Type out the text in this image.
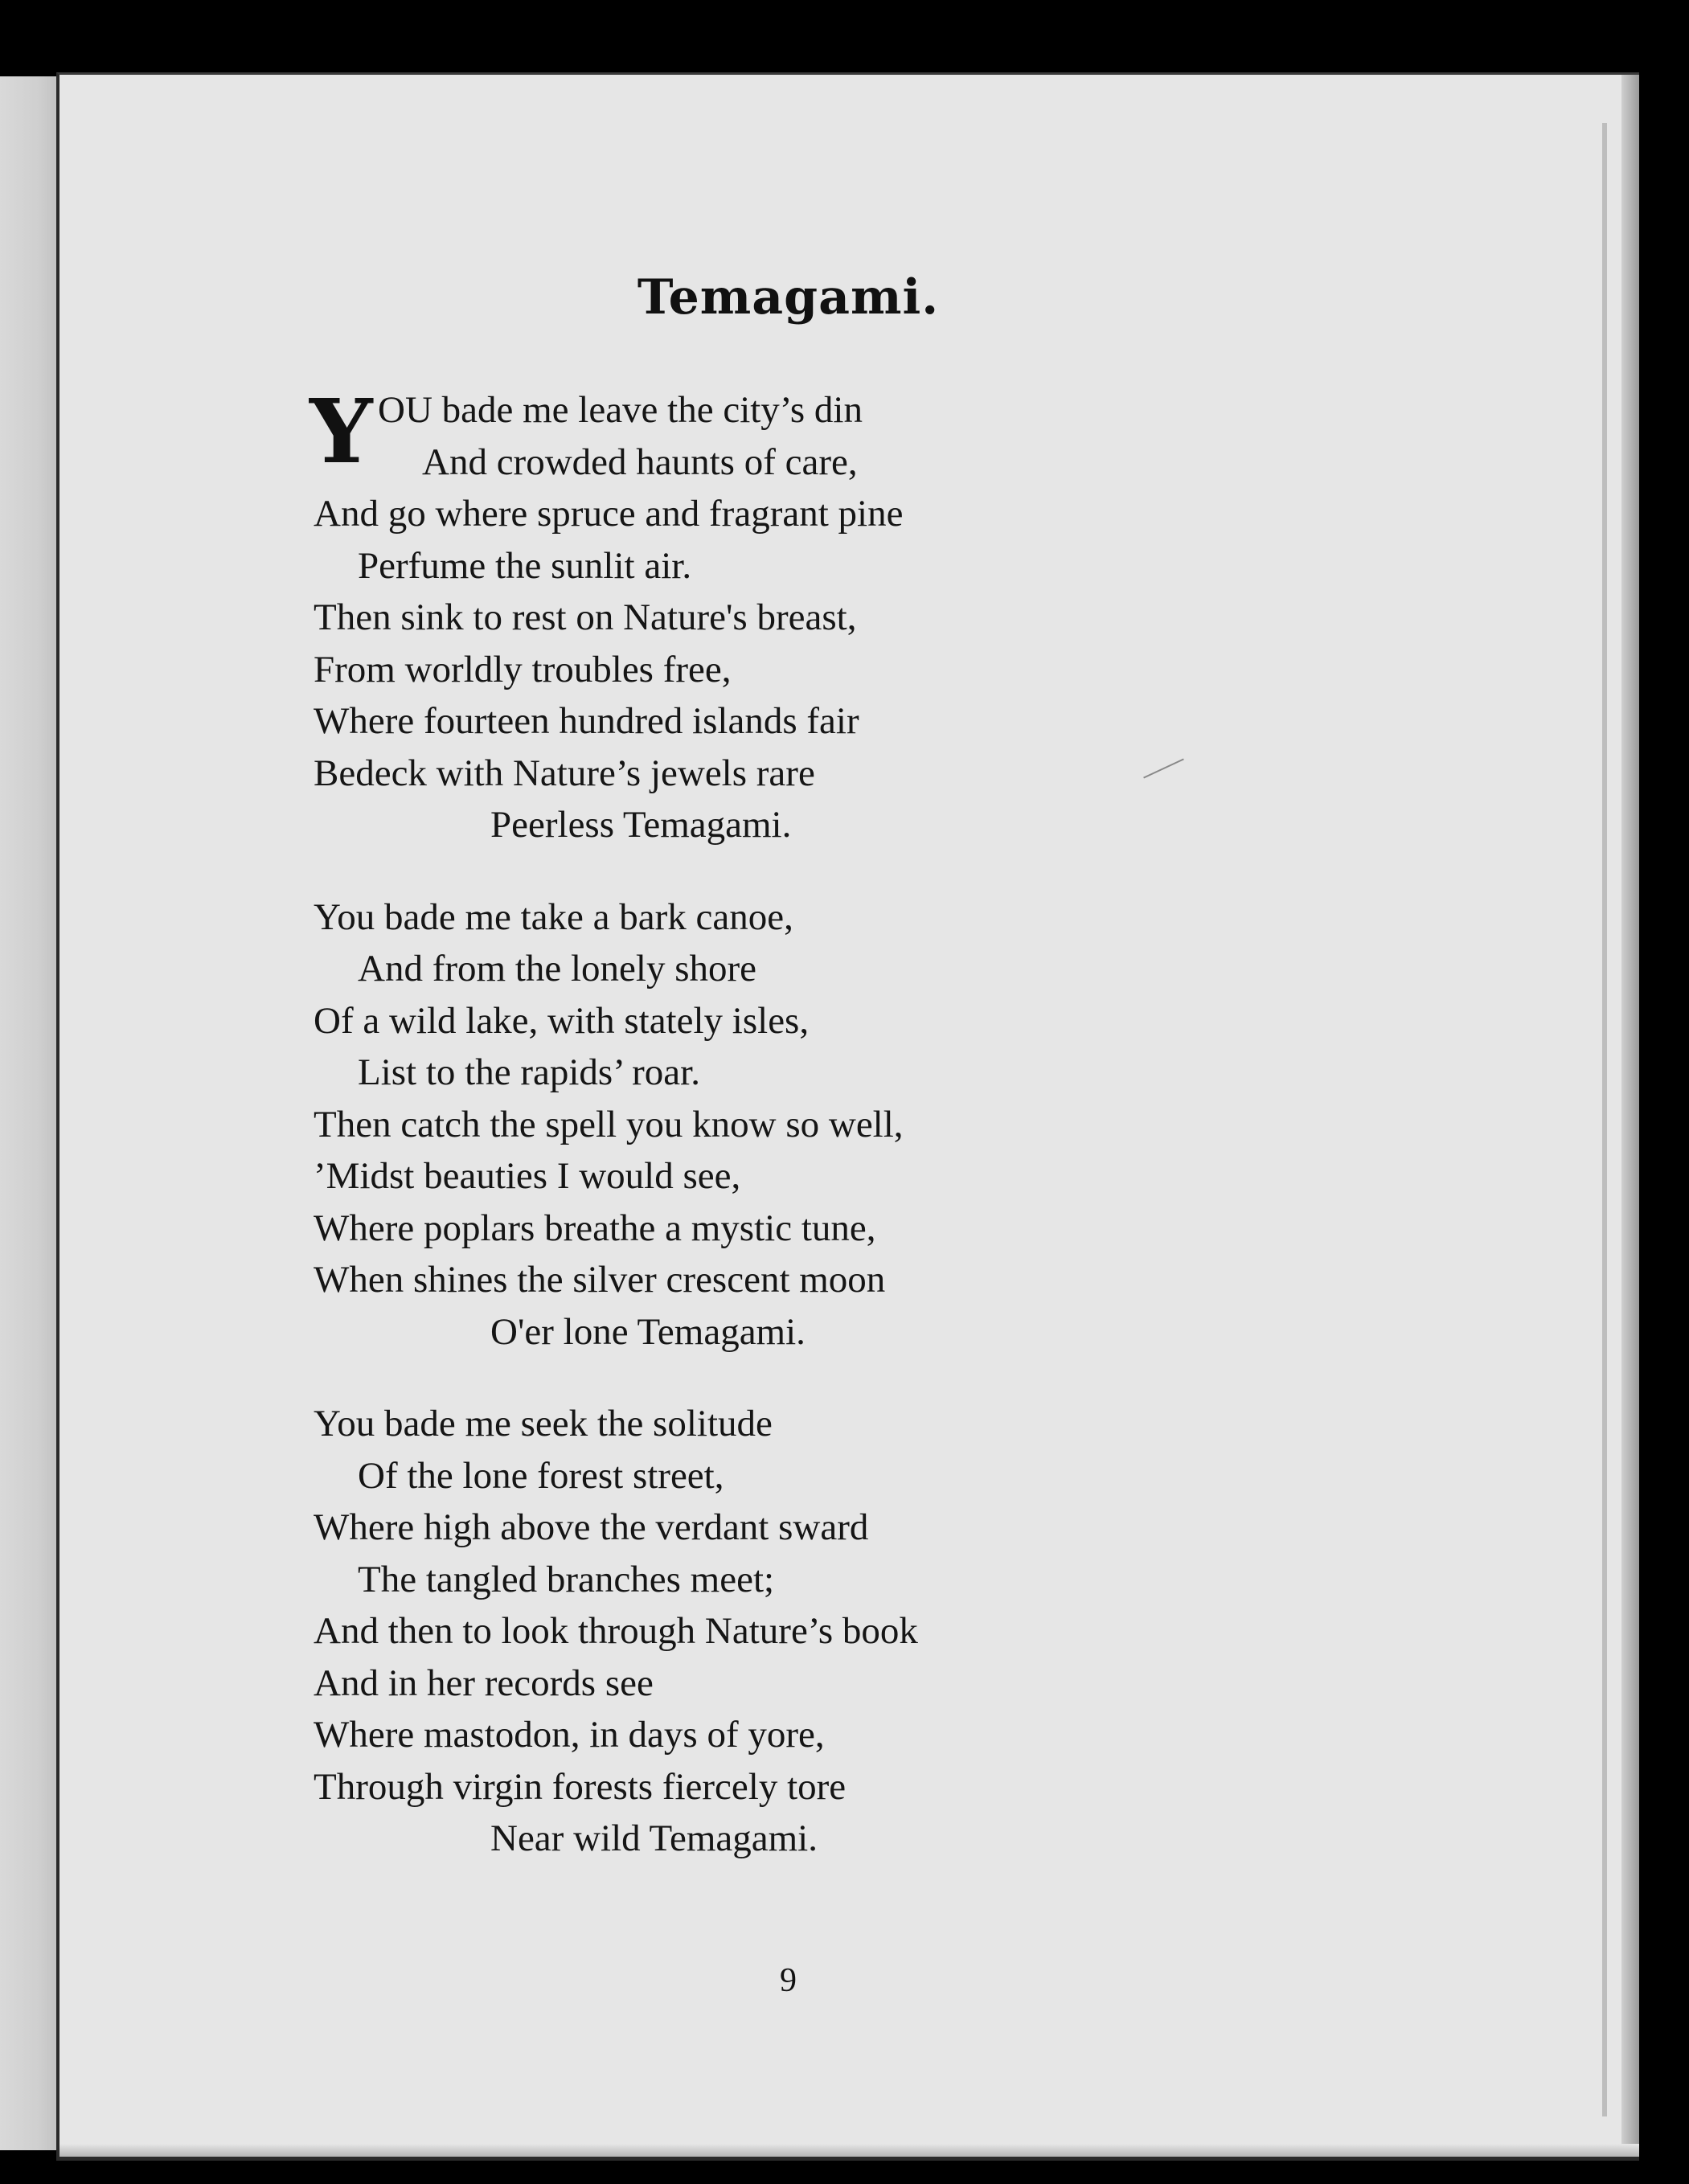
Temagami.
Y OU bade me leave the city’s din
And crowded haunts of care,
And go where spruce and fragrant pine
Perfume the sunlit air.
Then sink to rest on Nature's breast,
From worldly troubles free,
Where fourteen hundred islands fair
Bedeck with Nature’s jewels rare
Peerless Temagami.
You bade me take a bark canoe,
And from the lonely shore
Of a wild lake, with stately isles,
List to the rapids’ roar.
Then catch the spell you know so well,
’Midst beauties I would see,
Where poplars breathe a mystic tune,
When shines the silver crescent moon
O'er lone Temagami.
You bade me seek the solitude
Of the lone forest street,
Where high above the verdant sward
The tangled branches meet;
And then to look through Nature’s book
And in her records see
Where mastodon, in days of yore,
Through virgin forests fiercely tore
Near wild Temagami.
9
